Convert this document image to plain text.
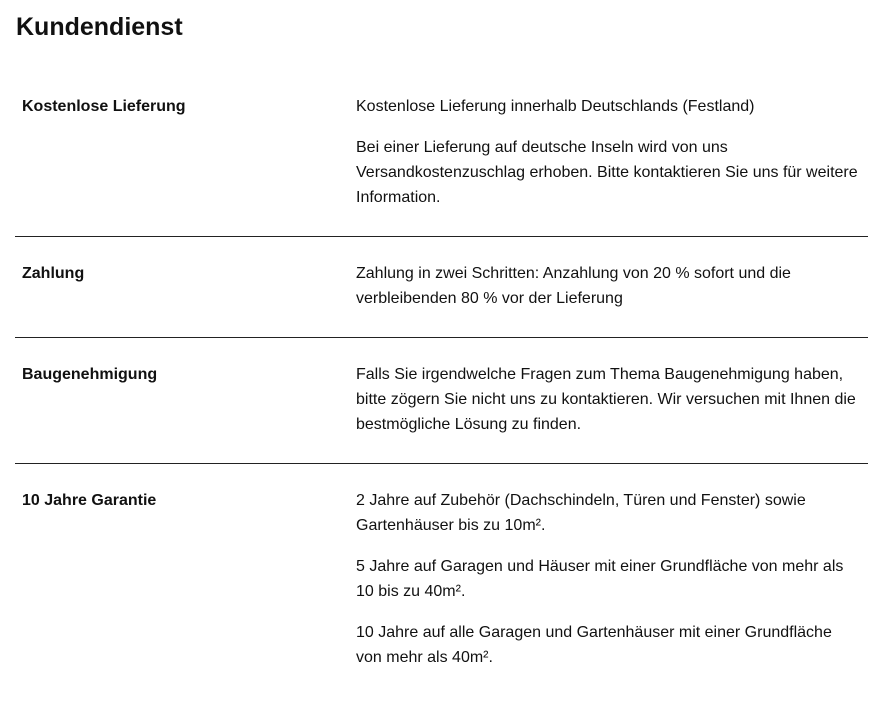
Kundendienst
Kostenlose Lieferung	Kostenlose Lieferung innerhalb Deutschlands (Festland)

Bei einer Lieferung auf deutsche Inseln wird von uns Versandkostenzuschlag erhoben. Bitte kontaktieren Sie uns für weitere Information.

Zahlung	Zahlung in zwei Schritten: Anzahlung von 20 % sofort und die verbleibenden 80 % vor der Lieferung

Baugenehmigung	Falls Sie irgendwelche Fragen zum Thema Baugenehmigung haben, bitte zögern Sie nicht uns zu kontaktieren. Wir versuchen mit Ihnen die bestmögliche Lösung zu finden.

10 Jahre Garantie	2 Jahre auf Zubehör (Dachschindeln, Türen und Fenster) sowie Gartenhäuser bis zu 10m².

5 Jahre auf Garagen und Häuser mit einer Grundfläche von mehr als 10 bis zu 40m².

10 Jahre auf alle Garagen und Gartenhäuser mit einer Grundfläche von mehr als 40m².
